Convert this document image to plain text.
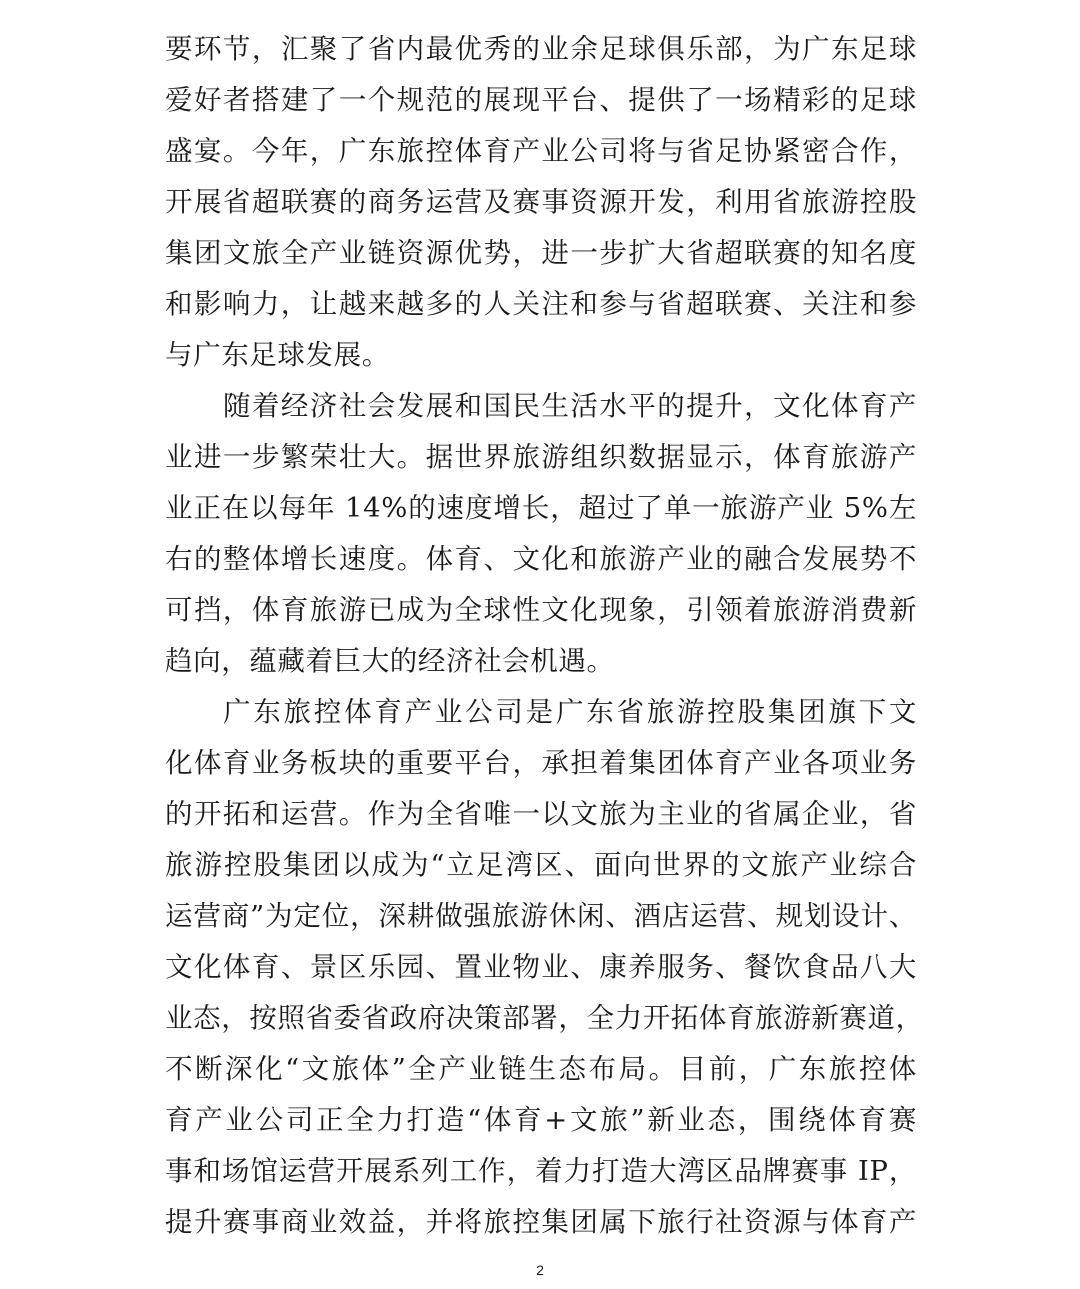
要环节，汇聚了省内最优秀的业余足球俱乐部，为广东足球
爱好者搭建了一个规范的展现平台、提供了一场精彩的足球
盛宴。今年，广东旅控体育产业公司将与省足协紧密合作，
开展省超联赛的商务运营及赛事资源开发，利用省旅游控股
集团文旅全产业链资源优势，进一步扩大省超联赛的知名度
和影响力，让越来越多的人关注和参与省超联赛、关注和参
与广东足球发展。
随着经济社会发展和国民生活水平的提升，文化体育产
业进一步繁荣壮大。据世界旅游组织数据显示，体育旅游产
业正在以每年 14%的速度增长，超过了单一旅游产业 5%左
右的整体增长速度。体育、文化和旅游产业的融合发展势不
可挡，体育旅游已成为全球性文化现象，引领着旅游消费新
趋向，蕴藏着巨大的经济社会机遇。
广东旅控体育产业公司是广东省旅游控股集团旗下文
化体育业务板块的重要平台，承担着集团体育产业各项业务
的开拓和运营。作为全省唯一以文旅为主业的省属企业，省
旅游控股集团以成为“立足湾区、面向世界的文旅产业综合
运营商”为定位，深耕做强旅游休闲、酒店运营、规划设计、
文化体育、景区乐园、置业物业、康养服务、餐饮食品八大
业态，按照省委省政府决策部署，全力开拓体育旅游新赛道，
不断深化“文旅体”全产业链生态布局。目前，广东旅控体
育产业公司正全力打造“体育+文旅”新业态，围绕体育赛
事和场馆运营开展系列工作，着力打造大湾区品牌赛事 IP，
提升赛事商业效益，并将旅控集团属下旅行社资源与体育产
2
